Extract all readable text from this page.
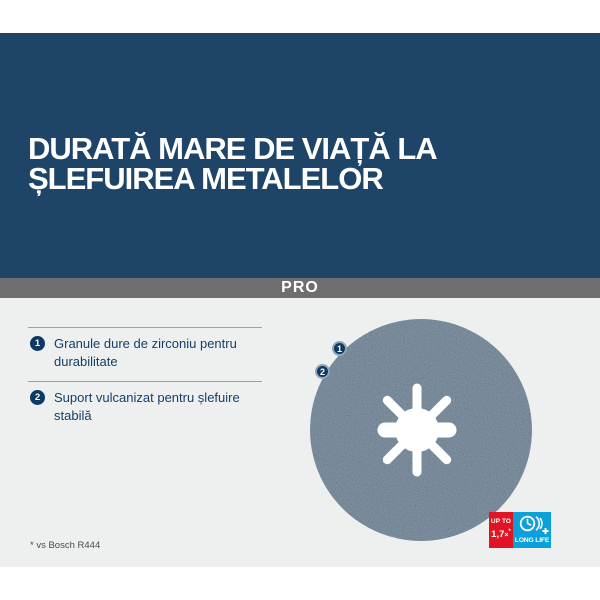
DURATĂ MARE DE VIAȚĂ LA
ȘLEFUIREA METALELOR
PRO
1	Granule dure de zirconiu pentru durabilitate
2	Suport vulcanizat pentru șlefuire stabilă
1
2
UP TO
1,7×*
LONG LIFE
* vs Bosch R444
